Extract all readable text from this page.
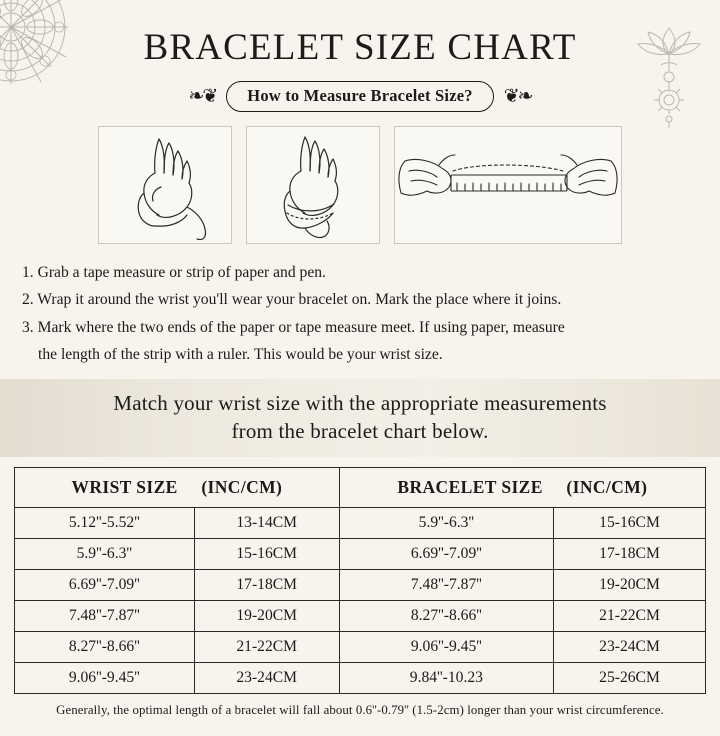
BRACELET SIZE CHART
❧❦	How to Measure Bracelet Size?	❦❧
1. Grab a tape measure or strip of paper and pen.
2. Wrap it around the wrist you'll wear your bracelet on. Mark the place where it joins.
3. Mark where the two ends of the paper or tape measure meet. If using paper, measure
the length of the strip with a ruler. This would be your wrist size.
Match your wrist size with the appropriate measurements
from the bracelet chart below.
WRIST SIZE (INC/CM)		BRACELET SIZE (INC/CM)	
5.12''-5.52''	13-14CM	5.9''-6.3''	15-16CM
5.9''-6.3''	15-16CM	6.69''-7.09''	17-18CM
6.69''-7.09''	17-18CM	7.48''-7.87''	19-20CM
7.48''-7.87''	19-20CM	8.27''-8.66''	21-22CM
8.27''-8.66''	21-22CM	9.06''-9.45''	23-24CM
9.06''-9.45''	23-24CM	9.84''-10.23	25-26CM
Generally, the optimal length of a bracelet will fall about 0.6''-0.79'' (1.5-2cm) longer than your wrist circumference.
